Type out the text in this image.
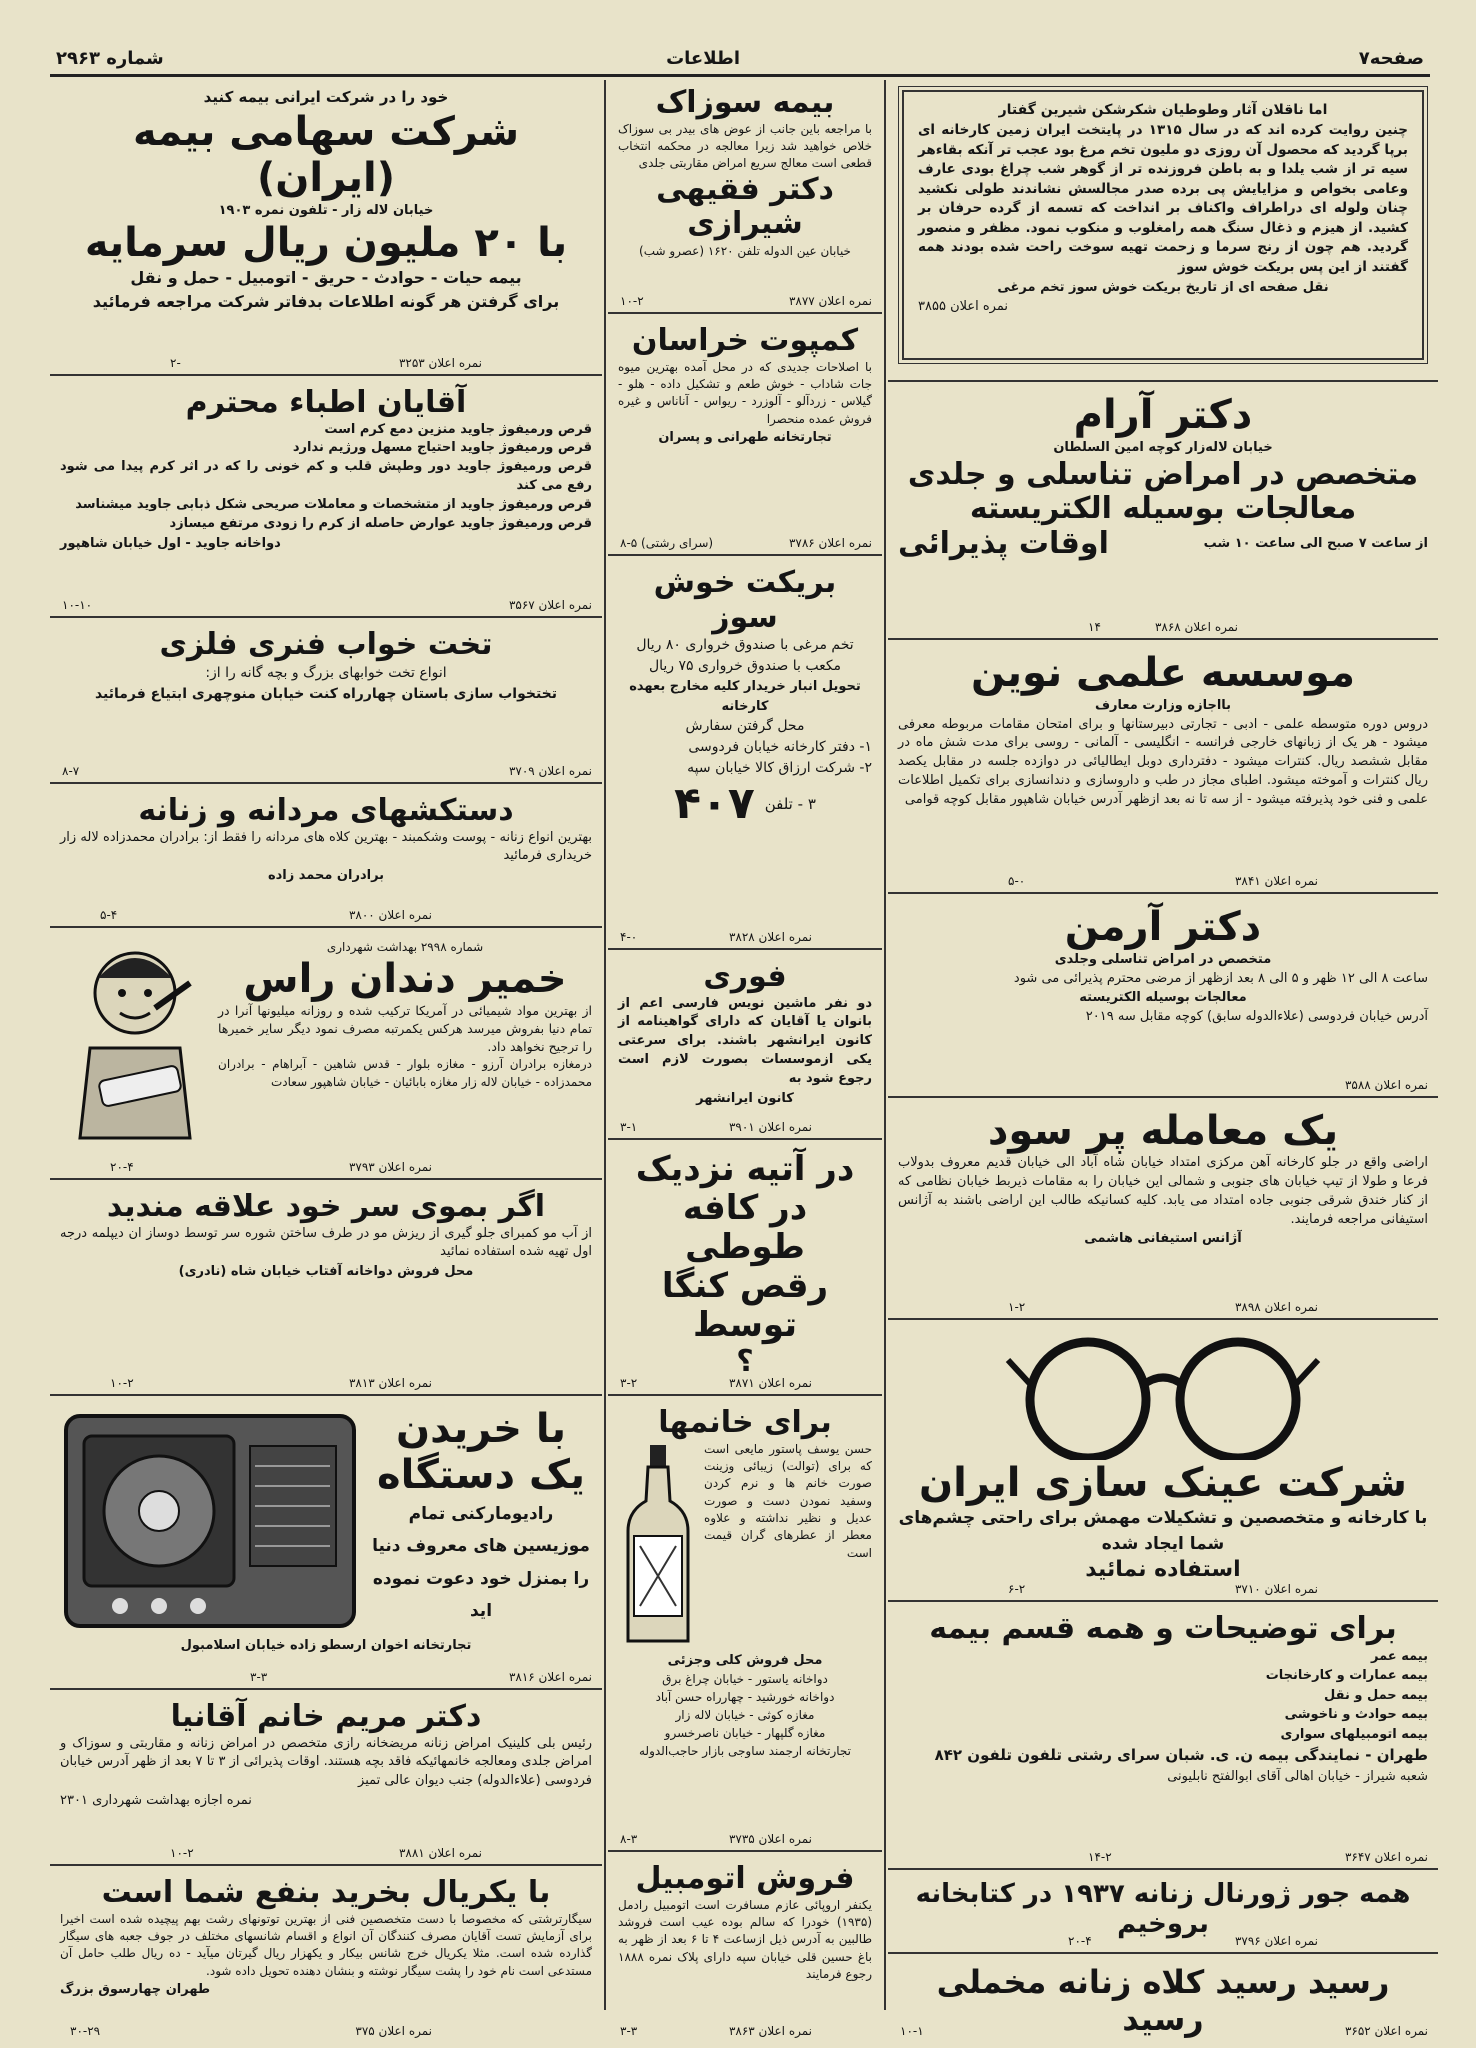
صفحه۷
اطلاعات
شماره ۲۹۶۳
اما ناقلان آثار وطوطیان شکرشکن شیرین گفتار
چنین روایت کرده اند که در سال ۱۳۱۵ در پایتخت ایران زمین کارخانه ای برپا گردید که محصول آن روزی دو ملیون تخم مرغ بود عجب تر آنکه بقاءهر سیه تر از شب یلدا و به باطن فروزنده تر از گوهر شب چراغ بودی عارف وعامی بخواص و مزایایش پی برده صدر مجالسش نشاندند طولی نکشید چنان ولوله ای دراطراف واکناف بر انداخت که تسمه از گرده حرفان بر کشید. از هیزم و ذغال سنگ همه رامغلوب و منکوب نمود. مظفر و منصور گردید. هم چون از رنج سرما و زحمت تهیه سوخت راحت شده بودند همه گفتند از این پس بریکت خوش سوز
نقل صفحه ای از تاریخ بریکت خوش سوز تخم مرغی
نمره اعلان ۳۸۵۵
دکتر آرام
خیابان لاله‌زار کوچه امین السلطان
متخصص در امراض تناسلی و جلدی
معالجات بوسیله الکتریسته
از ساعت ۷ صبح الی ساعت ۱۰ شب
اوقات پذیرائی
نمره اعلان ۳۸۶۸
۱۴
موسسه علمی نوین
بااجازه وزارت معارف
دروس دوره متوسطه علمی - ادبی - تجارتی دبیرستانها و برای امتحان مقامات مربوطه معرفی میشود - هر یک از زبانهای خارجی فرانسه - انگلیسی - آلمانی - روسی برای مدت شش ماه در مقابل ششصد ریال. کنترات میشود - دفترداری دوبل ایطالیائی در دوازده جلسه در مقابل یکصد ریال کنترات و آموخته میشود. اطبای مجاز در طب و داروسازی و دندانسازی برای تکمیل اطلاعات علمی و فنی خود پذیرفته میشود - از سه تا نه بعد ازظهر آدرس خیابان شاهپور مقابل کوچه قوامی
نمره اعلان ۳۸۴۱
۵-۰
دکتر آرمن
متخصص در امراض تناسلی وجلدی
ساعت ۸ الی ۱۲ ظهر و ۵ الی ۸ بعد ازظهر از مرضی محترم پذیرائی می شود
معالجات بوسیله الکتریسته
آدرس خیابان فردوسی (علاءالدوله سابق) کوچه مقابل سه ۲۰۱۹
نمره اعلان ۳۵۸۸
یک معامله پر سود
اراضی واقع در جلو کارخانه آهن مرکزی امتداد خیابان شاه آباد الی خیابان قدیم معروف بدولاب فرعا و طولا از تیپ خیابان های جنوبی و شمالی این خیابان را به مقامات ذیربط خیابان نظامی که از کنار خندق شرقی جنوبی جاده امتداد می یابد. کلیه کسانیکه طالب این اراضی باشند به آژانس استیفانی مراجعه فرمایند.
آژانس استیفانی هاشمی
نمره اعلان ۳۸۹۸
۱-۲
شرکت عینک سازی ایران
با کارخانه و متخصصین و تشکیلات مهمش برای راحتی چشم‌های شما ایجاد شده
استفاده نمائید
نمره اعلان ۳۷۱۰
۶-۲
برای توضیحات و همه قسم بیمه
بیمه عمر
بیمه عمارات و کارخانجات
بیمه حمل و نقل
بیمه حوادث و ناخوشی
بیمه اتومبیلهای سواری
طهران - نمایندگی بیمه ن. ی. شبان سرای رشتی تلفون تلفون ۸۴۲
شعبه شیراز - خیابان اهالی آقای ابوالفتح نابلیونی
نمره اعلان ۳۶۴۷
۱۴-۲
همه جور ژورنال زنانه ۱۹۳۷ در کتابخانه بروخیم
نمره اعلان ۳۷۹۶
۲۰-۴
رسید رسید کلاه زنانه مخملی رسید	نمره اعلان ۳۶۵۲
۱۰-۱
بیمه سوزاک
با مراجعه باین جانب از عوض های بیدر بی سوزاک خلاص خواهید شد زیرا معالجه در محکمه انتخاب قطعی است معالج سریع امراض مقاربتی جلدی
دکتر فقیهی شیرازی
خیابان عین الدوله تلفن ۱۶۲۰ (عصرو شب)
نمره اعلان ۳۸۷۷
۱۰-۲
کمپوت خراسان
با اصلاحات جدیدی که در محل آمده بهترین میوه جات شاداب - خوش طعم و تشکیل داده - هلو - گیلاس - زردآلو - آلوزرد - ریواس - آناناس و غیره فروش عمده منحصرا
تجارتخانه طهرانی و پسران
نمره اعلان ۳۷۸۶
۸-۵ (سرای رشتی)
بریکت خوش سوز
تخم مرغی با صندوق خرواری ۸۰ ریال
مکعب با صندوق خرواری ۷۵ ریال
تحویل انبار خریدار کلیه مخارج بعهده کارخانه
محل گرفتن سفارش
۱- دفتر کارخانه خیابان فردوسی
۲- شرکت ارزاق کالا خیابان سپه
۳ - تلفن
۴۰۷
نمره اعلان ۳۸۲۸
۴-۰
فوری
دو نفر ماشین نویس فارسی اعم از بانوان یا آقایان که دارای گواهینامه از کانون ایرانشهر باشند. برای سرعتی یکی ازموسسات بصورت لازم است رجوع شود به
کانون ایرانشهر
نمره اعلان ۳۹۰۱
۳-۱
در آتیه نزدیک
در کافه طوطی
رقص کنگا توسط
؟
نمره اعلان ۳۸۷۱
۳-۲
برای خانمها
حسن یوسف پاستور مایعی است که برای (توالت) زیبائی وزینت صورت خانم ها و نرم کردن وسفید نمودن دست و صورت عدیل و نظیر نداشته و علاوه معطر از عطرهای گران قیمت است
محل فروش کلی وجزئی
دواخانه یاستور - خیابان چراغ برق
دواخانه خورشید - چهارراه حسن آباد
مغازه کوثی - خیابان لاله زار
مغازه گلپهار - خیابان ناصرخسرو
تجارتخانه ارجمند ساوجی بازار حاجب‌الدوله
نمره اعلان ۳۷۳۵
۸-۳
فروش اتومبیل
یکنفر اروپائی عازم مسافرت است اتومبیل رادمل (۱۹۳۵) خودرا که سالم بوده عیب است فروشد طالبین به آدرس ذیل ازساعت ۴ تا ۶ بعد از ظهر به باغ حسین قلی خیابان سپه دارای پلاک نمره ۱۸۸۸ رجوع فرمایند
نمره اعلان ۳۸۶۳
۳-۳
خود را در شرکت ایرانی بیمه کنید
شرکت سهامی بیمه (ایران)
خیابان لاله زار - تلفون نمره ۱۹۰۳
با ۲۰ ملیون ریال سرمایه
بیمه حیات - حوادث - حریق - اتومبیل - حمل و نقل
برای گرفتن هر گونه اطلاعات بدفاتر شرکت مراجعه فرمائید
نمره اعلان ۳۲۵۳
۲-
آقایان اطباء محترم
قرص ورمیفوژ جاوید منزین دمع کرم است
قرص ورمیفوژ جاوید احتیاج مسهل ورژیم ندارد
قرص ورمیفوژ جاوید دور وطپش قلب و کم خونی را که در اثر کرم پیدا می شود رفع می کند
قرص ورمیفوژ جاوید از متشخصات و معاملات صریحی شکل ذبابی جاوید میشناسد
قرص ورمیفوژ جاوید عوارض حاصله از کرم را زودی مرتفع میسازد
دواخانه جاوید - اول خیابان شاهپور
نمره اعلان ۳۵۶۷
۱۰-۱۰
تخت خواب فنری فلزی
انواع تخت خوابهای بزرگ و بچه گانه را از:
تختخواب سازی باستان چهارراه کنت خیابان منوچهری ابتیاع فرمائید
نمره اعلان ۳۷۰۹
۸-۷
دستکشهای مردانه و زنانه
بهترین انواع زنانه - پوست وشکمبند - بهترین کلاه های مردانه را فقط از: برادران محمدزاده لاله زار خریداری فرمائید
برادران محمد زاده
نمره اعلان ۳۸۰۰
۵-۴
شماره ۲۹۹۸ بهداشت شهرداری
خمیر دندان راس
از بهترین مواد شیمیائی در آمریکا ترکیب شده و روزانه میلیونها آنرا در تمام دنیا بفروش میرسد هرکس یکمرتبه مصرف نمود دیگر سایر خمیرها را ترجیح نخواهد داد.
درمغازه برادران آرزو - مغازه بلوار - قدس شاهین - آبراهام - برادران محمدزاده - خیابان لاله زار مغازه بابائیان - خیابان شاهپور سعادت
نمره اعلان ۳۷۹۳
۲۰-۴
اگر بموی سر خود علاقه مندید
از آب مو کمبرای جلو گیری از ریزش مو در طرف ساختن شوره سر توسط دوساز ان دیپلمه درجه اول تهیه شده استفاده نمائید
محل فروش دواخانه آفتاب خیابان شاه (نادری)
نمره اعلان ۳۸۱۳
۱۰-۲
با خریدن
یک دستگاه
رادیومارکنی تمام موزیسین های معروف دنیا را بمنزل خود دعوت نموده اید
تجارتخانه اخوان ارسطو زاده خیابان اسلامبول
نمره اعلان ۳۸۱۶
۳-۳
دکتر مریم خانم آقانیا
رئیس بلی کلینیک امراض زنانه مریضخانه رازی متخصص در امراض زنانه و مقاربتی و سوزاک و امراض جلدی ومعالجه خانمهائیکه فاقد بچه هستند. اوقات پذیرائی از ۳ تا ۷ بعد از ظهر آدرس خیابان فردوسی (علاءالدوله) جنب دیوان عالی تمیز
نمره اجازه بهداشت شهرداری ۲۳۰۱
نمره اعلان ۳۸۸۱
۱۰-۲
با یکریال بخرید بنفع شما است
سیگارترشتی که مخصوصا با دست متخصصین فنی از بهترین توتونهای رشت بهم پیچیده شده است اخیرا برای آزمایش تست آقایان مصرف کنندگان آن انواع و اقسام شانسهای مختلف در جوف جعبه های سیگار گذارده شده است. مثلا یکریال خرج شانس بیکار و یکهزار ریال گیرتان میآید - ده ریال طلب حامل آن مستدعی است نام خود را پشت سیگار نوشته و بنشان دهنده تحویل داده شود.
طهران چهارسوق بزرگ
نمره اعلان ۳۷۵
۳۰-۲۹
